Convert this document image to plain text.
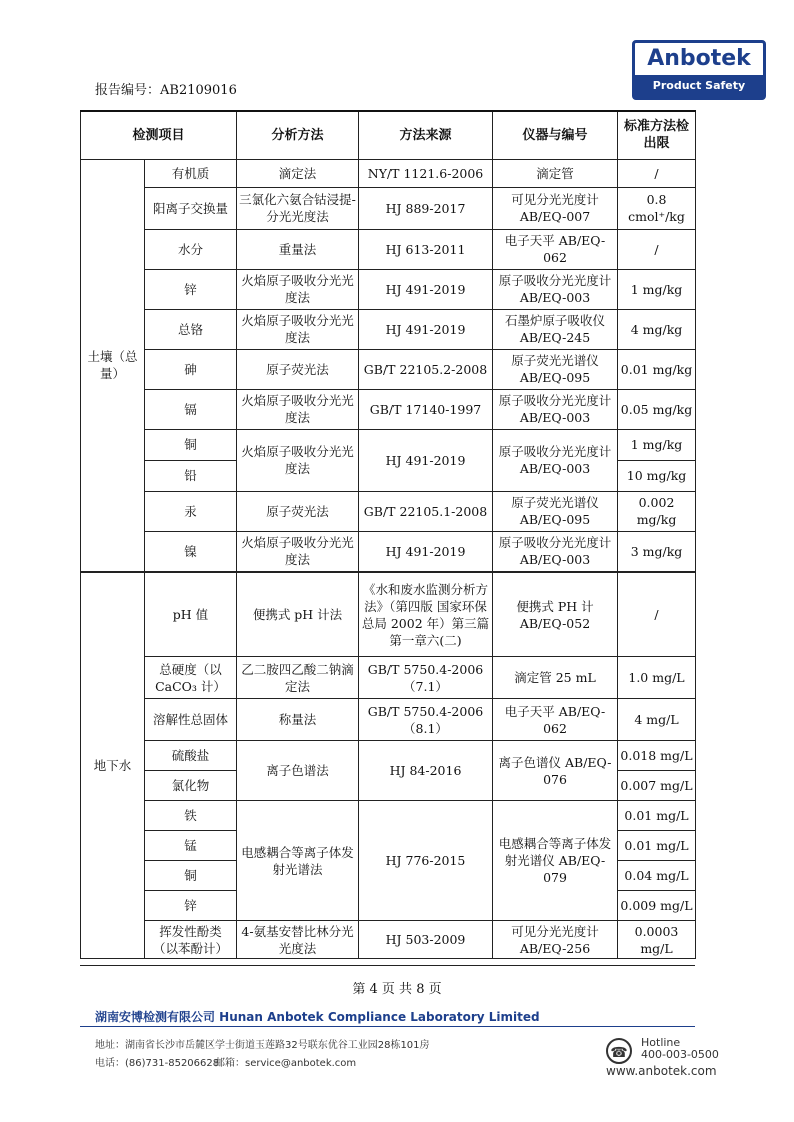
Anbotek
Product Safety
报告编号：AB2109016
检测项目		分析方法	方法来源	仪器与编号	标准方法检出限
土壤（总量）	有机质	滴定法	NY/T 1121.6-2006	滴定管	/
	阳离子交换量	三氯化六氨合钴浸提-分光光度法	HJ 889-2017	可见分光光度计 AB/EQ-007	0.8 cmol⁺/kg
	水分	重量法	HJ 613-2011	电子天平 AB/EQ-062	/
	锌	火焰原子吸收分光光度法	HJ 491-2019	原子吸收分光光度计 AB/EQ-003	1 mg/kg
	总铬	火焰原子吸收分光光度法	HJ 491-2019	石墨炉原子吸收仪 AB/EQ-245	4 mg/kg
	砷	原子荧光法	GB/T 22105.2-2008	原子荧光光谱仪 AB/EQ-095	0.01 mg/kg
	镉	火焰原子吸收分光光度法	GB/T 17140-1997	原子吸收分光光度计 AB/EQ-003	0.05 mg/kg
	铜	火焰原子吸收分光光度法	HJ 491-2019	原子吸收分光光度计 AB/EQ-003	1 mg/kg
	铅				10 mg/kg
	汞	原子荧光法	GB/T 22105.1-2008	原子荧光光谱仪 AB/EQ-095	0.002 mg/kg
	镍	火焰原子吸收分光光度法	HJ 491-2019	原子吸收分光光度计 AB/EQ-003	3 mg/kg
地下水	pH 值	便携式 pH 计法	《水和废水监测分析方法》（第四版 国家环保总局 2002 年）第三篇第一章六(二)	便携式 PH 计 AB/EQ-052	/
	总硬度（以 CaCO₃ 计）	乙二胺四乙酸二钠滴定法	GB/T 5750.4-2006（7.1）	滴定管 25 mL	1.0 mg/L
	溶解性总固体	称量法	GB/T 5750.4-2006（8.1）	电子天平 AB/EQ-062	4 mg/L
	硫酸盐	离子色谱法	HJ 84-2016	离子色谱仪 AB/EQ-076	0.018 mg/L
	氯化物				0.007 mg/L
	铁	电感耦合等离子体发射光谱法	HJ 776-2015	电感耦合等离子体发射光谱仪 AB/EQ-079	0.01 mg/L
	锰				0.01 mg/L
	铜				0.04 mg/L
	锌				0.009 mg/L
	挥发性酚类（以苯酚计）	4-氨基安替比林分光光度法	HJ 503-2009	可见分光光度计 AB/EQ-256	0.0003 mg/L
第 4 页 共 8 页
湖南安博检测有限公司 Hunan Anbotek Compliance Laboratory Limited
地址：湖南省长沙市岳麓区学士街道玉莲路32号联东优谷工业园28栋101房
电话：(86)731-85206628
邮箱：service@anbotek.com
☎
Hotline
400-003-0500
www.anbotek.com
